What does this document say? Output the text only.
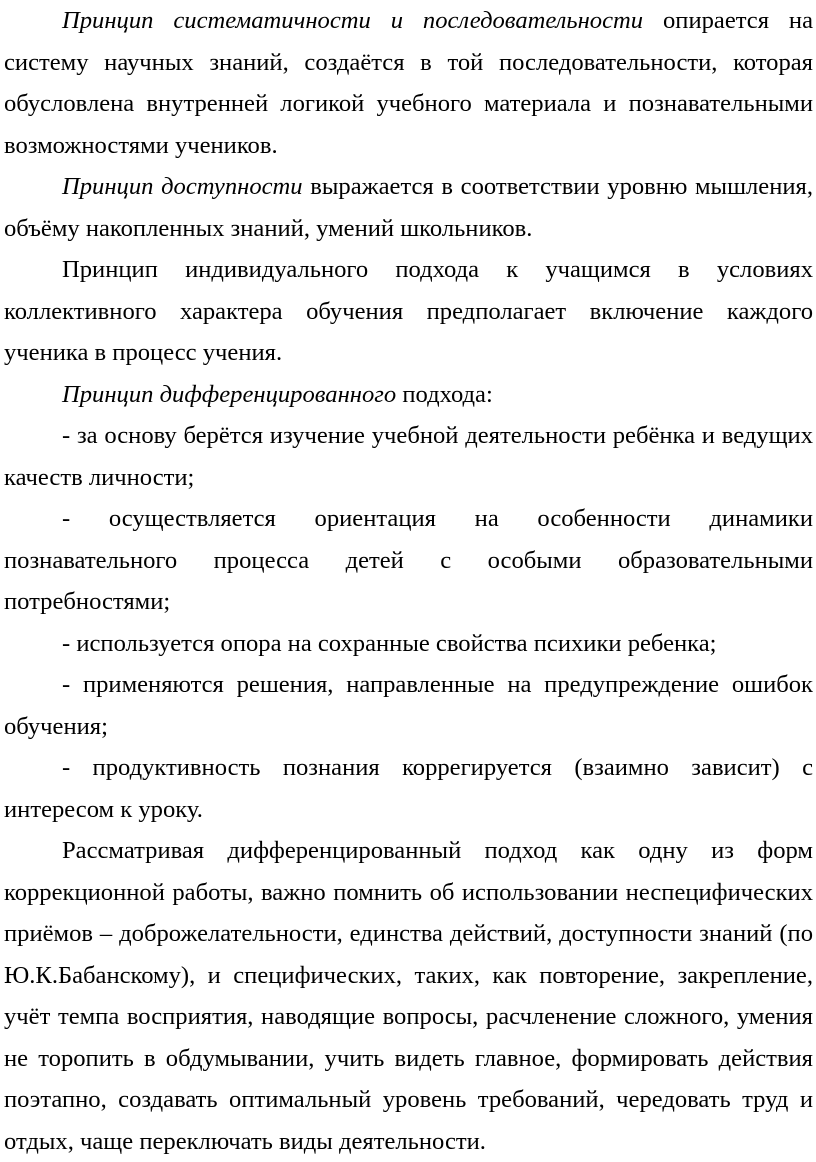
Принцип систематичности и последовательности опирается на систему научных знаний, создаётся в той последовательности, которая обусловлена внутренней логикой учебного материала и познавательными возможностями учеников.

Принцип доступности выражается в соответствии уровню мышления, объёму накопленных знаний, умений школьников.

Принцип индивидуального подхода к учащимся в условиях коллективного характера обучения предполагает включение каждого ученика в процесс учения.

Принцип дифференцированного подхода:

- за основу берётся изучение учебной деятельности ребёнка и ведущих качеств личности;

- осуществляется ориентация на особенности динамики познавательного процесса детей с особыми образовательными потребностями;

- используется опора на сохранные свойства психики ребенка;

- применяются решения, направленные на предупреждение ошибок обучения;

- продуктивность познания коррегируется (взаимно зависит) с интересом к уроку.

Рассматривая дифференцированный подход как одну из форм коррекционной работы, важно помнить об использовании неспецифических приёмов – доброжелательности, единства действий, доступности знаний (по Ю.К.Бабанскому), и специфических, таких, как повторение, закрепление, учёт темпа восприятия, наводящие вопросы, расчленение сложного, умения не торопить в обдумывании, учить видеть главное, формировать действия поэтапно, создавать оптимальный уровень требований, чередовать труд и отдых, чаще переключать виды деятельности.
